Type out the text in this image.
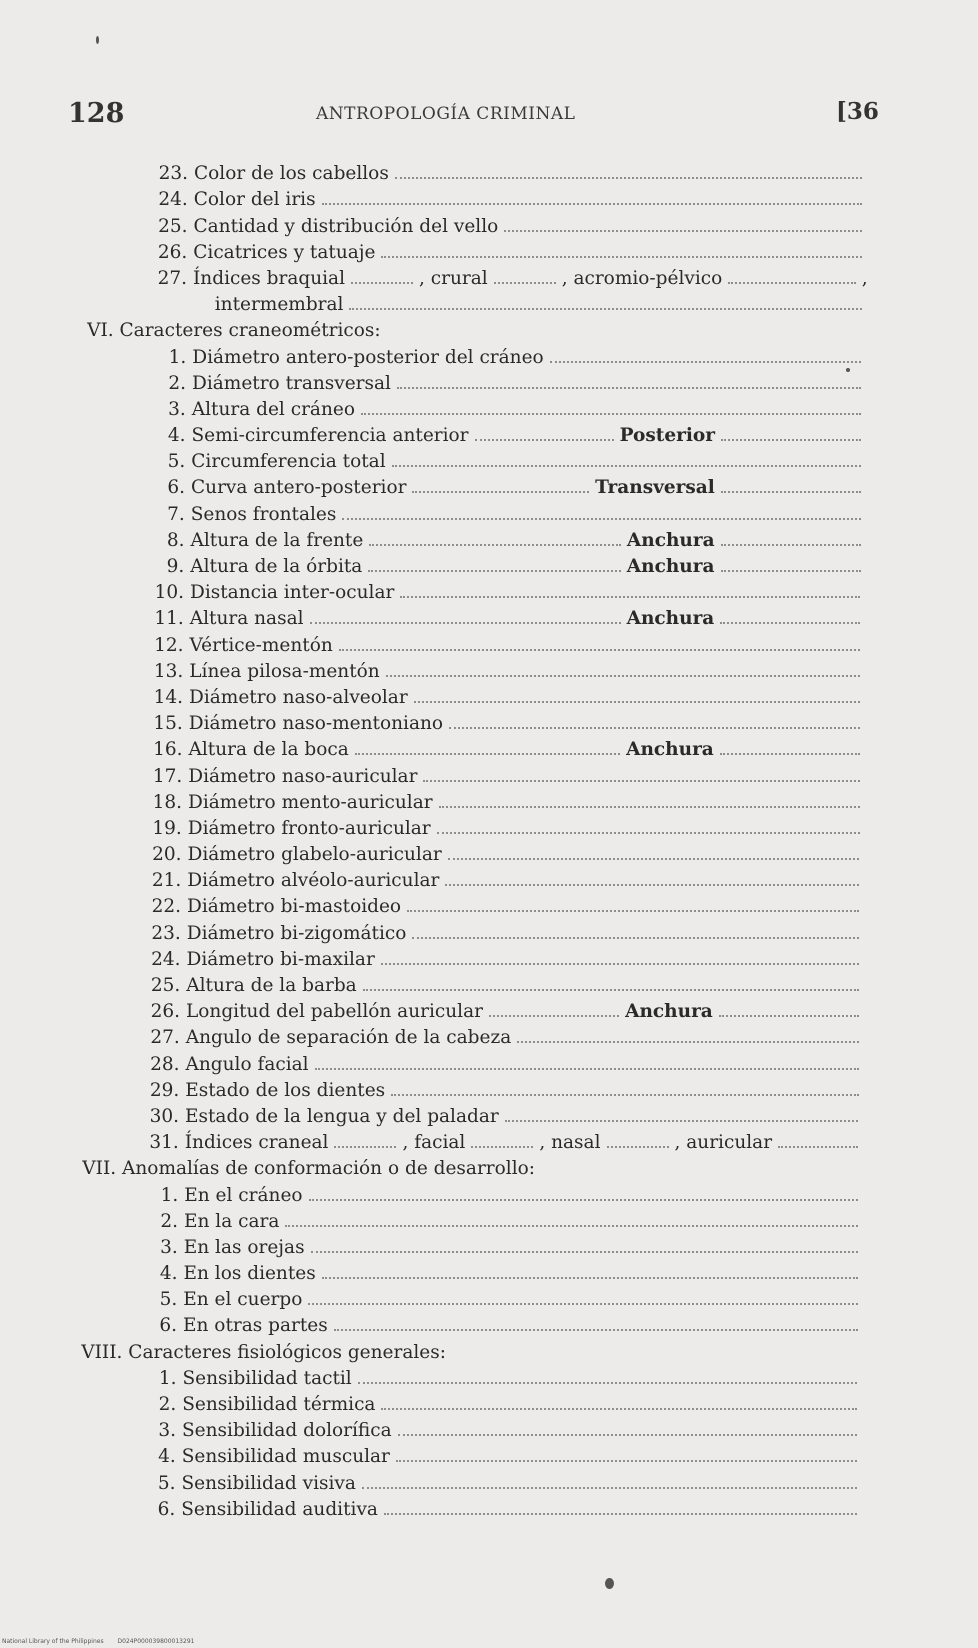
128	ANTROPOLOGÍA CRIMINAL	[36
23. Color de los cabellos
24. Color del iris
25. Cantidad y distribución del vello
26. Cicatrices y tatuaje
27. Índices braquial	, crural	, acromio-pélvico	,
intermembral
VI. Caracteres craneométricos:
1. Diámetro antero-posterior del cráneo
2. Diámetro transversal
3. Altura del cráneo
4. Semi-circumferencia anterior	Posterior
5. Circumferencia total
6. Curva antero-posterior	Transversal
7. Senos frontales
8. Altura de la frente	Anchura
9. Altura de la órbita	Anchura
10. Distancia inter-ocular
11. Altura nasal	Anchura
12. Vértice-mentón
13. Línea pilosa-mentón
14. Diámetro naso-alveolar
15. Diámetro naso-mentoniano
16. Altura de la boca	Anchura
17. Diámetro naso-auricular
18. Diámetro mento-auricular
19. Diámetro fronto-auricular
20. Diámetro glabelo-auricular
21. Diámetro alvéolo-auricular
22. Diámetro bi-mastoideo
23. Diámetro bi-zigomático
24. Diámetro bi-maxilar
25. Altura de la barba
26. Longitud del pabellón auricular	Anchura
27. Angulo de separación de la cabeza
28. Angulo facial
29. Estado de los dientes
30. Estado de la lengua y del paladar
31. Índices craneal	, facial	, nasal	, auricular
VII. Anomalías de conformación o de desarrollo:
1. En el cráneo
2. En la cara
3. En las orejas
4. En los dientes
5. En el cuerpo
6. En otras partes
VIII. Caracteres fisiológicos generales:
1. Sensibilidad tactil
2. Sensibilidad térmica
3. Sensibilidad dolorífica
4. Sensibilidad muscular
5. Sensibilidad visiva
6. Sensibilidad auditiva
National Library of the Philippines D024P000039800013291
